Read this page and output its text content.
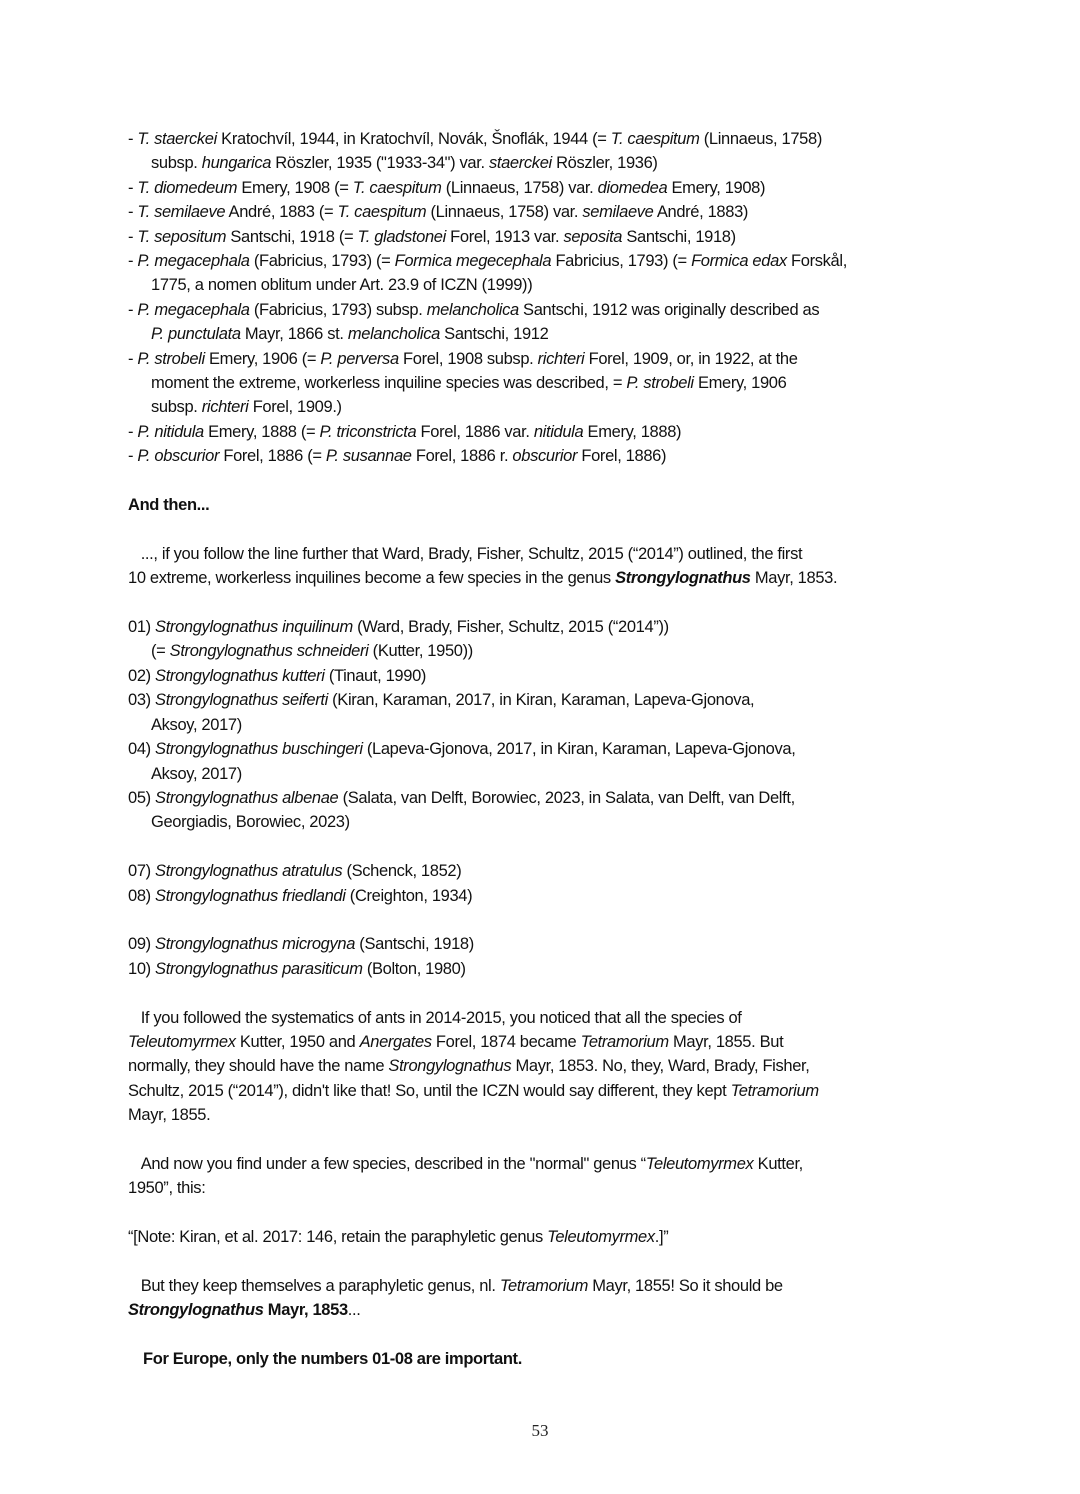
- T. staerckei Kratochvíl, 1944, in Kratochvíl, Novák, Šnoflák, 1944 (= T. caespitum (Linnaeus, 1758)
subsp. hungarica Röszler, 1935 ("1933-34") var. staerckei Röszler, 1936)
- T. diomedeum Emery, 1908 (= T. caespitum (Linnaeus, 1758) var. diomedea Emery, 1908)
- T. semilaeve André, 1883 (= T. caespitum (Linnaeus, 1758) var. semilaeve André, 1883)
- T. sepositum Santschi, 1918 (= T. gladstonei Forel, 1913 var. seposita Santschi, 1918)
- P. megacephala (Fabricius, 1793) (= Formica megecephala Fabricius, 1793) (= Formica edax Forskål,
1775, a nomen oblitum under Art. 23.9 of ICZN (1999))
- P. megacephala (Fabricius, 1793) subsp. melancholica Santschi, 1912 was originally described as
P. punctulata Mayr, 1866 st. melancholica Santschi, 1912
- P. strobeli Emery, 1906 (= P. perversa Forel, 1908 subsp. richteri Forel, 1909, or, in 1922, at the
moment the extreme, workerless inquiline species was described, = P. strobeli Emery, 1906
subsp. richteri Forel, 1909.)
- P. nitidula Emery, 1888 (= P. triconstricta Forel, 1886 var. nitidula Emery, 1888)
- P. obscurior Forel, 1886 (= P. susannae Forel, 1886 r. obscurior Forel, 1886)
And then...
..., if you follow the line further that Ward, Brady, Fisher, Schultz, 2015 (“2014”) outlined, the first
10 extreme, workerless inquilines become a few species in the genus Strongylognathus Mayr, 1853.
01) Strongylognathus inquilinum (Ward, Brady, Fisher, Schultz, 2015 (“2014”))
(= Strongylognathus schneideri (Kutter, 1950))
02) Strongylognathus kutteri (Tinaut, 1990)
03) Strongylognathus seiferti (Kiran, Karaman, 2017, in Kiran, Karaman, Lapeva-Gjonova,
Aksoy, 2017)
04) Strongylognathus buschingeri (Lapeva-Gjonova, 2017, in Kiran, Karaman, Lapeva-Gjonova,
Aksoy, 2017)
05) Strongylognathus albenae (Salata, van Delft, Borowiec, 2023, in Salata, van Delft, van Delft,
Georgiadis, Borowiec, 2023)
07) Strongylognathus atratulus (Schenck, 1852)
08) Strongylognathus friedlandi (Creighton, 1934)
09) Strongylognathus microgyna (Santschi, 1918)
10) Strongylognathus parasiticum (Bolton, 1980)
If you followed the systematics of ants in 2014-2015, you noticed that all the species of
Teleutomyrmex Kutter, 1950 and Anergates Forel, 1874 became Tetramorium Mayr, 1855. But
normally, they should have the name Strongylognathus Mayr, 1853. No, they, Ward, Brady, Fisher,
Schultz, 2015 (“2014”), didn't like that! So, until the ICZN would say different, they kept Tetramorium
Mayr, 1855.
And now you find under a few species, described in the "normal" genus “Teleutomyrmex Kutter,
1950”, this:
“[Note: Kiran, et al. 2017: 146, retain the paraphyletic genus Teleutomyrmex.]”
But they keep themselves a paraphyletic genus, nl. Tetramorium Mayr, 1855! So it should be
Strongylognathus Mayr, 1853...
For Europe, only the numbers 01-08 are important.
53
